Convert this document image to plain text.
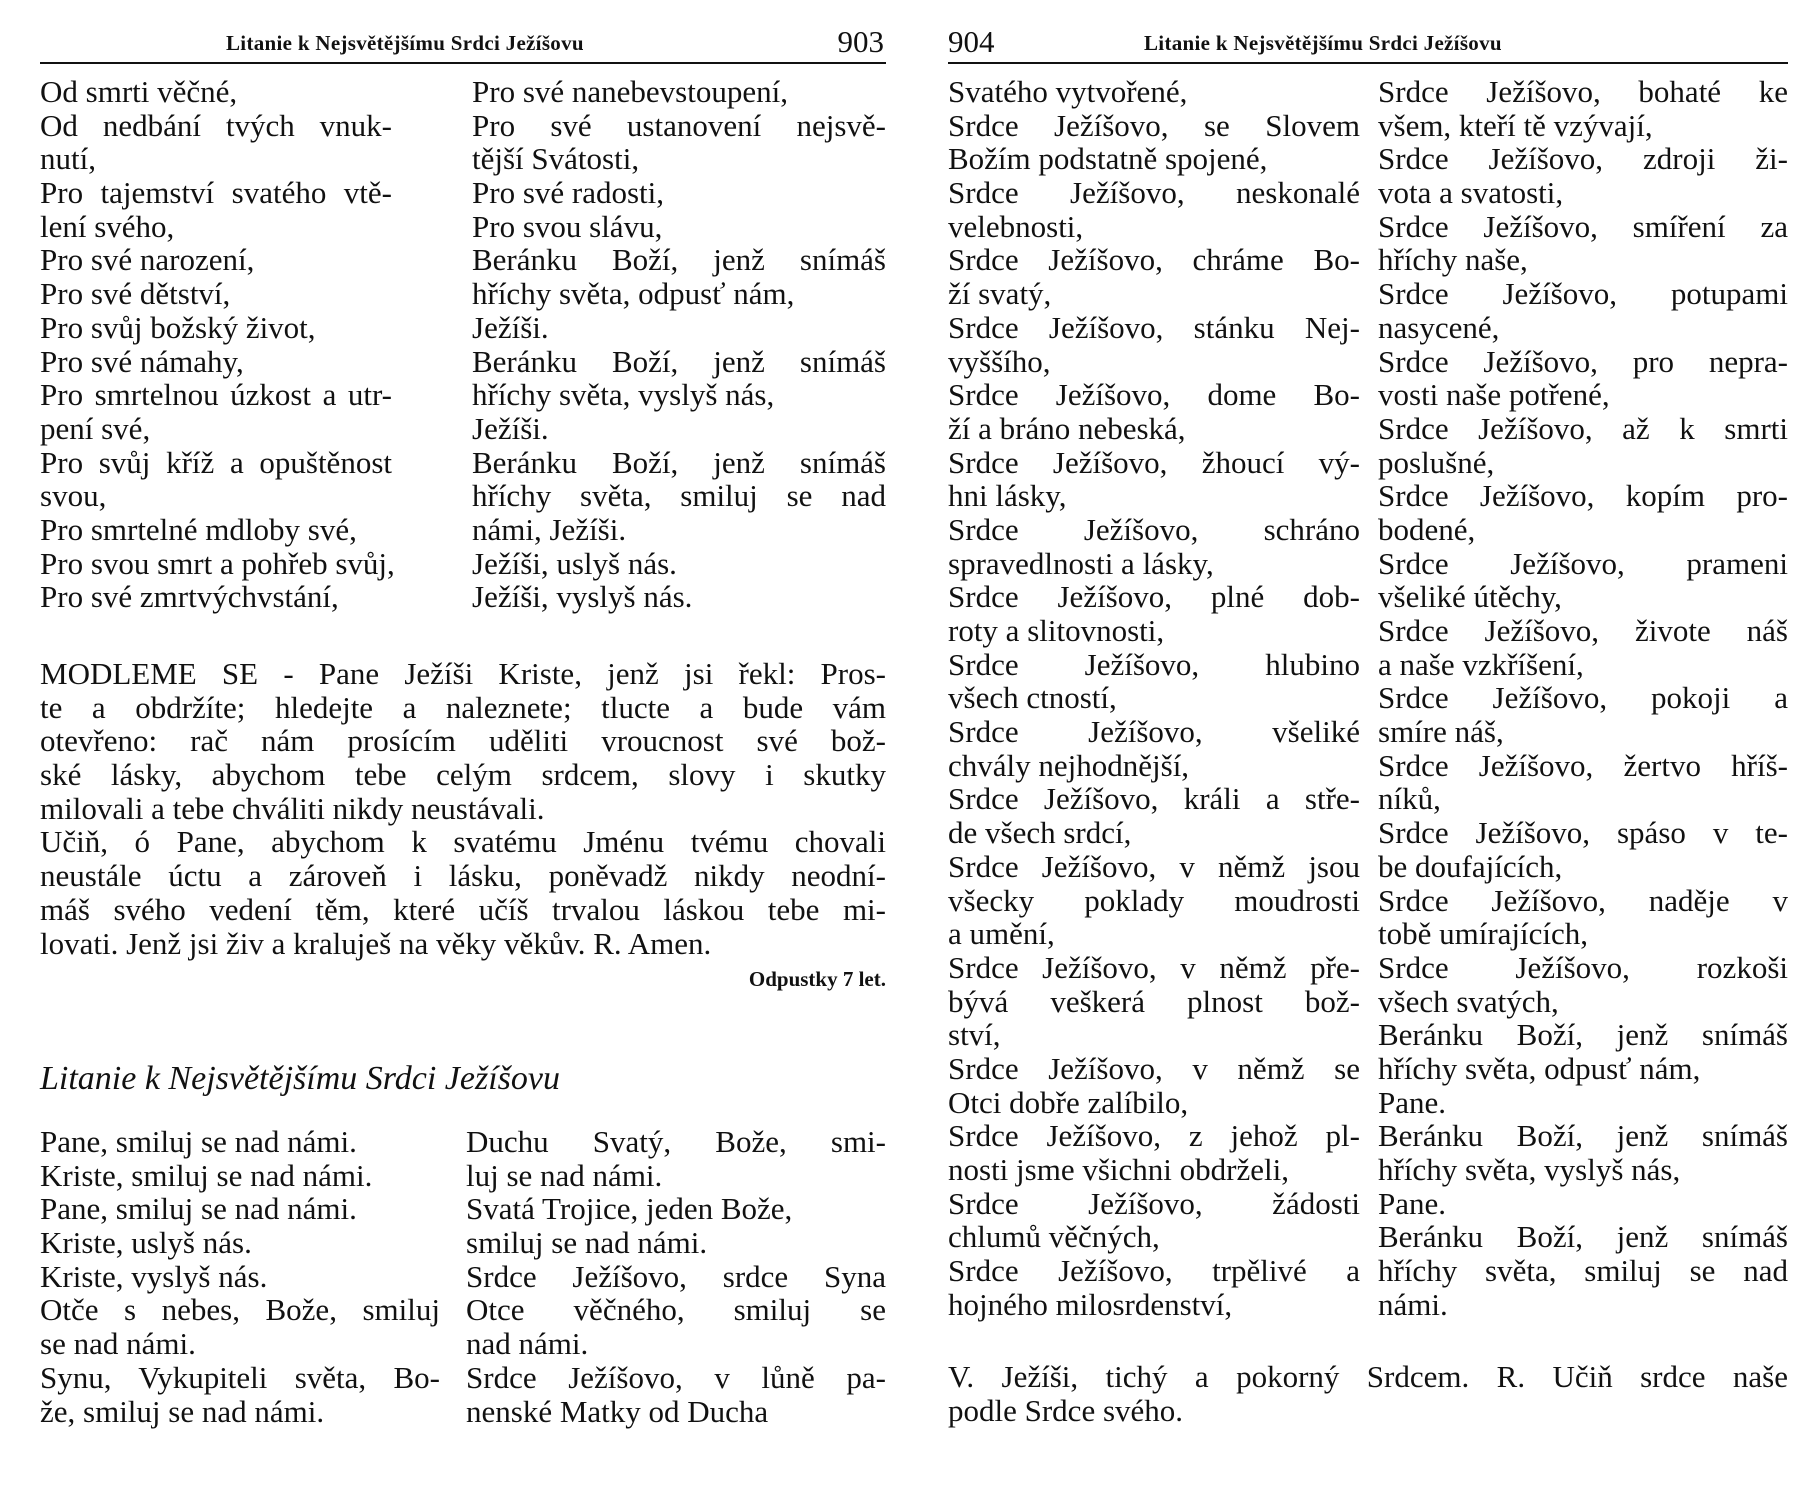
Litanie k Nejsvětějšímu Srdci Ježíšovu	903
Od smrti věčné,
Od nedbání tvých vnuk-
nutí,
Pro tajemství svatého vtě-
lení svého,
Pro své narození,
Pro své dětství,
Pro svůj božský život,
Pro své námahy,
Pro smrtelnou úzkost a utr-
pení své,
Pro svůj kříž a opuštěnost
svou,
Pro smrtelné mdloby své,
Pro svou smrt a pohřeb svůj,
Pro své zmrtvýchvstání,
Pro své nanebevstoupení,
Pro své ustanovení nejsvě-
tější Svátosti,
Pro své radosti,
Pro svou slávu,
Beránku Boží, jenž snímáš
hříchy světa, odpusť nám,
Ježíši.
Beránku Boží, jenž snímáš
hříchy světa, vyslyš nás,
Ježíši.
Beránku Boží, jenž snímáš
hříchy světa, smiluj se nad
námi, Ježíši.
Ježíši, uslyš nás.
Ježíši, vyslyš nás.
MODLEME SE - Pane Ježíši Kriste, jenž jsi řekl: Pros-
te a obdržíte; hledejte a naleznete; tlucte a bude vám
otevřeno: rač nám prosícím uděliti vroucnost své bož-
ské lásky, abychom tebe celým srdcem, slovy i skutky
milovali a tebe chváliti nikdy neustávali.
Učiň, ó Pane, abychom k svatému Jménu tvému chovali
neustále úctu a zároveň i lásku, poněvadž nikdy neodní-
máš svého vedení těm, které učíš trvalou láskou tebe mi-
lovati. Jenž jsi živ a kraluješ na věky věkův. R. Amen.
Odpustky 7 let.
Litanie k Nejsvětějšímu Srdci Ježíšovu
Pane, smiluj se nad námi.
Kriste, smiluj se nad námi.
Pane, smiluj se nad námi.
Kriste, uslyš nás.
Kriste, vyslyš nás.
Otče s nebes, Bože, smiluj
se nad námi.
Synu, Vykupiteli světa, Bo-
že, smiluj se nad námi.
Duchu Svatý, Bože, smi-
luj se nad námi.
Svatá Trojice, jeden Bože,
smiluj se nad námi.
Srdce Ježíšovo, srdce Syna
Otce věčného, smiluj se
nad námi.
Srdce Ježíšovo, v lůně pa-
nenské Matky od Ducha
904	Litanie k Nejsvětějšímu Srdci Ježíšovu
Svatého vytvořené,
Srdce Ježíšovo, se Slovem
Božím podstatně spojené,
Srdce Ježíšovo, neskonalé
velebnosti,
Srdce Ježíšovo, chráme Bo-
ží svatý,
Srdce Ježíšovo, stánku Nej-
vyššího,
Srdce Ježíšovo, dome Bo-
ží a bráno nebeská,
Srdce Ježíšovo, žhoucí vý-
hni lásky,
Srdce Ježíšovo, schráno
spravedlnosti a lásky,
Srdce Ježíšovo, plné dob-
roty a slitovnosti,
Srdce Ježíšovo, hlubino
všech ctností,
Srdce Ježíšovo, všeliké
chvály nejhodnější,
Srdce Ježíšovo, králi a stře-
de všech srdcí,
Srdce Ježíšovo, v němž jsou
všecky poklady moudrosti
a umění,
Srdce Ježíšovo, v němž pře-
bývá veškerá plnost bož-
ství,
Srdce Ježíšovo, v němž se
Otci dobře zalíbilo,
Srdce Ježíšovo, z jehož pl-
nosti jsme všichni obdrželi,
Srdce Ježíšovo, žádosti
chlumů věčných,
Srdce Ježíšovo, trpělivé a
hojného milosrdenství,
Srdce Ježíšovo, bohaté ke
všem, kteří tě vzývají,
Srdce Ježíšovo, zdroji ži-
vota a svatosti,
Srdce Ježíšovo, smíření za
hříchy naše,
Srdce Ježíšovo, potupami
nasycené,
Srdce Ježíšovo, pro nepra-
vosti naše potřené,
Srdce Ježíšovo, až k smrti
poslušné,
Srdce Ježíšovo, kopím pro-
bodené,
Srdce Ježíšovo, prameni
všeliké útěchy,
Srdce Ježíšovo, živote náš
a naše vzkříšení,
Srdce Ježíšovo, pokoji a
smíre náš,
Srdce Ježíšovo, žertvo hříš-
níků,
Srdce Ježíšovo, spáso v te-
be doufajících,
Srdce Ježíšovo, naděje v
tobě umírajících,
Srdce Ježíšovo, rozkoši
všech svatých,
Beránku Boží, jenž snímáš
hříchy světa, odpusť nám,
Pane.
Beránku Boží, jenž snímáš
hříchy světa, vyslyš nás,
Pane.
Beránku Boží, jenž snímáš
hříchy světa, smiluj se nad
námi.
V. Ježíši, tichý a pokorný Srdcem. R. Učiň srdce naše
podle Srdce svého.
